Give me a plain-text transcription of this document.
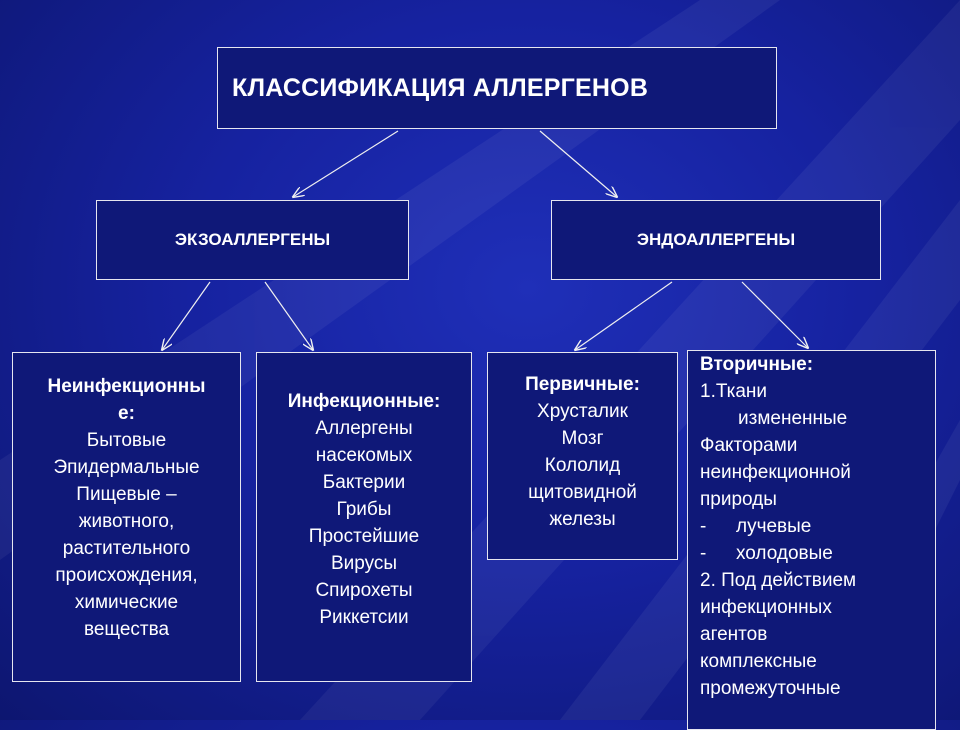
КЛАССИФИКАЦИЯ АЛЛЕРГЕНОВ
ЭКЗОАЛЛЕРГЕНЫ	ЭНДОАЛЛЕРГЕНЫ
Неинфекционны
е:
Бытовые
Эпидермальные
Пищевые –
животного,
растительного
происхождения,
химические
вещества
Инфекционные:
Аллергены
насекомых
Бактерии
Грибы
Простейшие
Вирусы
Спирохеты
Риккетсии
Первичные:
Хрусталик
Мозг
Кололид
щитовидной
железы
Вторичные:
1.Ткани
измененные
Факторами
неинфекционной
природы
- лучевые
- холодовые
2. Под действием
инфекционных
агентов
комплексные
промежуточные
